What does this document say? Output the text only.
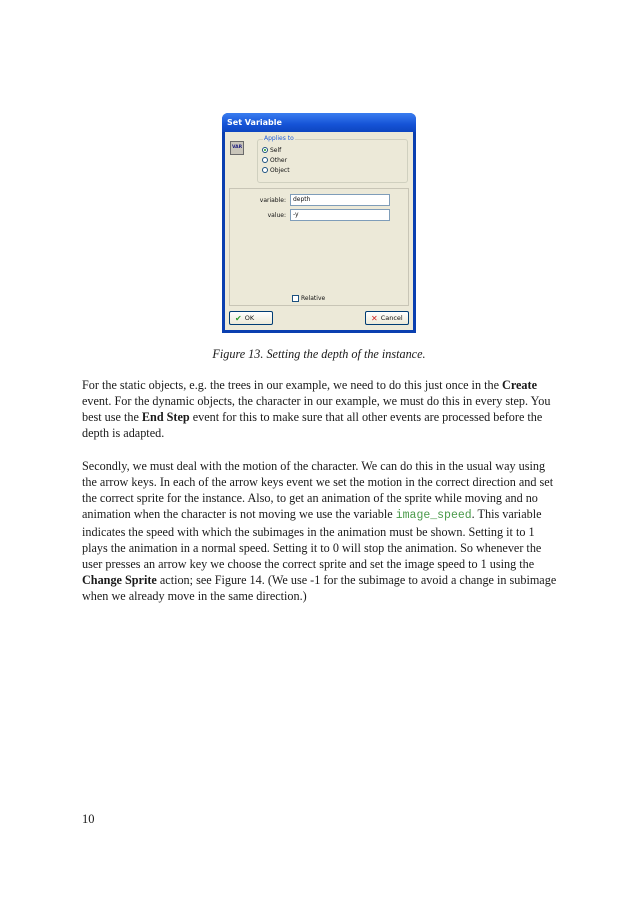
Set Variable
VAR
Applies to
Self
Other
Object
variable:	depth
value:	-y
Relative
✔ OK	✕ Cancel
Figure 13. Setting the depth of the instance.

For the static objects, e.g. the trees in our example, we need to do this just once in the Create event. For the dynamic objects, the character in our example, we must do this in every step. You best use the End Step event for this to make sure that all other events are processed before the depth is adapted.

Secondly, we must deal with the motion of the character. We can do this in the usual way using the arrow keys. In each of the arrow keys event we set the motion in the correct direction and set the correct sprite for the instance. Also, to get an animation of the sprite while moving and no animation when the character is not moving we use the variable image_speed. This variable indicates the speed with which the subimages in the animation must be shown. Setting it to 1 plays the animation in a normal speed. Setting it to 0 will stop the animation. So whenever the user presses an arrow key we choose the correct sprite and set the image speed to 1 using the Change Sprite action; see Figure 14. (We use -1 for the subimage to avoid a change in subimage when we already move in the same direction.)

10
